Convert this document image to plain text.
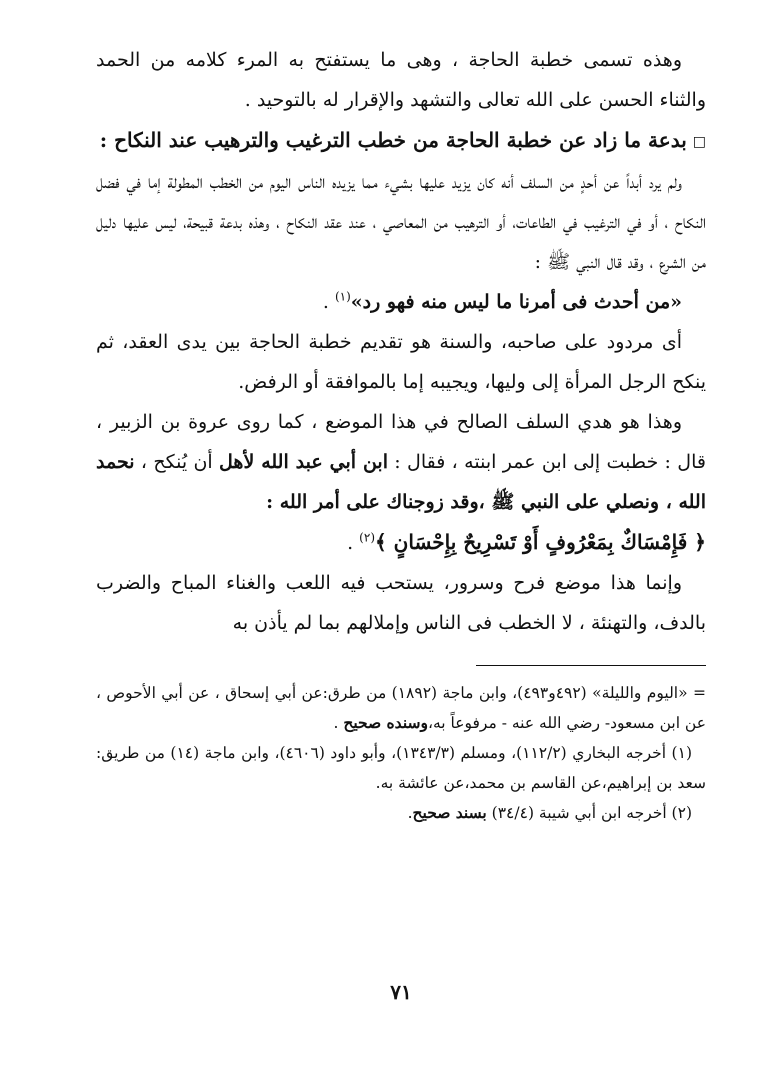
وهذه تسمى خطبة الحاجة ، وهى ما يستفتح به المرء كلامه من الحمد والثناء الحسن على الله تعالى والتشهد والإقرار له بالتوحيد .

□بدعة ما زاد عن خطبة الحاجة من خطب الترغيب والترهيب عند النكاح :

ولم يرد أبداً عن أحدٍ من السلف أنه كان يزيد عليها بشيء مما يزيده الناس اليوم من الخطب المطولة إما في فضل النكاح ، أو في الترغيب في الطاعات، أو الترهيب من المعاصي ، عند عقد النكاح ، وهذه بدعة قبيحة، ليس عليها دليل من الشرع ، وقد قال النبي ﷺ :

«من أحدث فى أمرنا ما ليس منه فهو رد»$^{(١)}$ .

أى مردود على صاحبه، والسنة هو تقديم خطبة الحاجة بين يدى العقد، ثم ينكح الرجل المرأة إلى وليها، ويجيبه إما بالموافقة أو الرفض.

وهذا هو هدي السلف الصالح في هذا الموضع ، كما روى عروة بن الزبير ، قال : خطبت إلى ابن عمر ابنته ، فقال : ابن أبي عبد الله لأهل أن يُنكح ، نحمد الله ، ونصلي على النبي ﷺ ،وقد زوجناك على أمر الله :

﴿ فَإِمْسَاكٌ بِمَعْرُوفٍ أَوْ تَسْرِيحٌ بِإِحْسَانٍ ﴾$^{(٢)}$ .

وإنما هذا موضع فرح وسرور، يستحب فيه اللعب والغناء المباح والضرب بالدف، والتهنئة ، لا الخطب فى الناس وإملالهم بما لم يأذن به

= «اليوم والليلة» (٤٩٢و٤٩٣)، وابن ماجة (١٨٩٢) من طرق:عن أبي إسحاق ، عن أبي الأحوص ، عن ابن مسعود- رضي الله عنه - مرفوعاً به،وسنده صحيح .

(١) أخرجه البخاري (١١٢/٢)، ومسلم (١٣٤٣/٣)، وأبو داود (٤٦٠٦)، وابن ماجة (١٤) من طريق: سعد بن إبراهيم،عن القاسم بن محمد،عن عائشة به.

(٢) أخرجه ابن أبي شيبة (٣٤/٤) بسند صحيح.

٧١
